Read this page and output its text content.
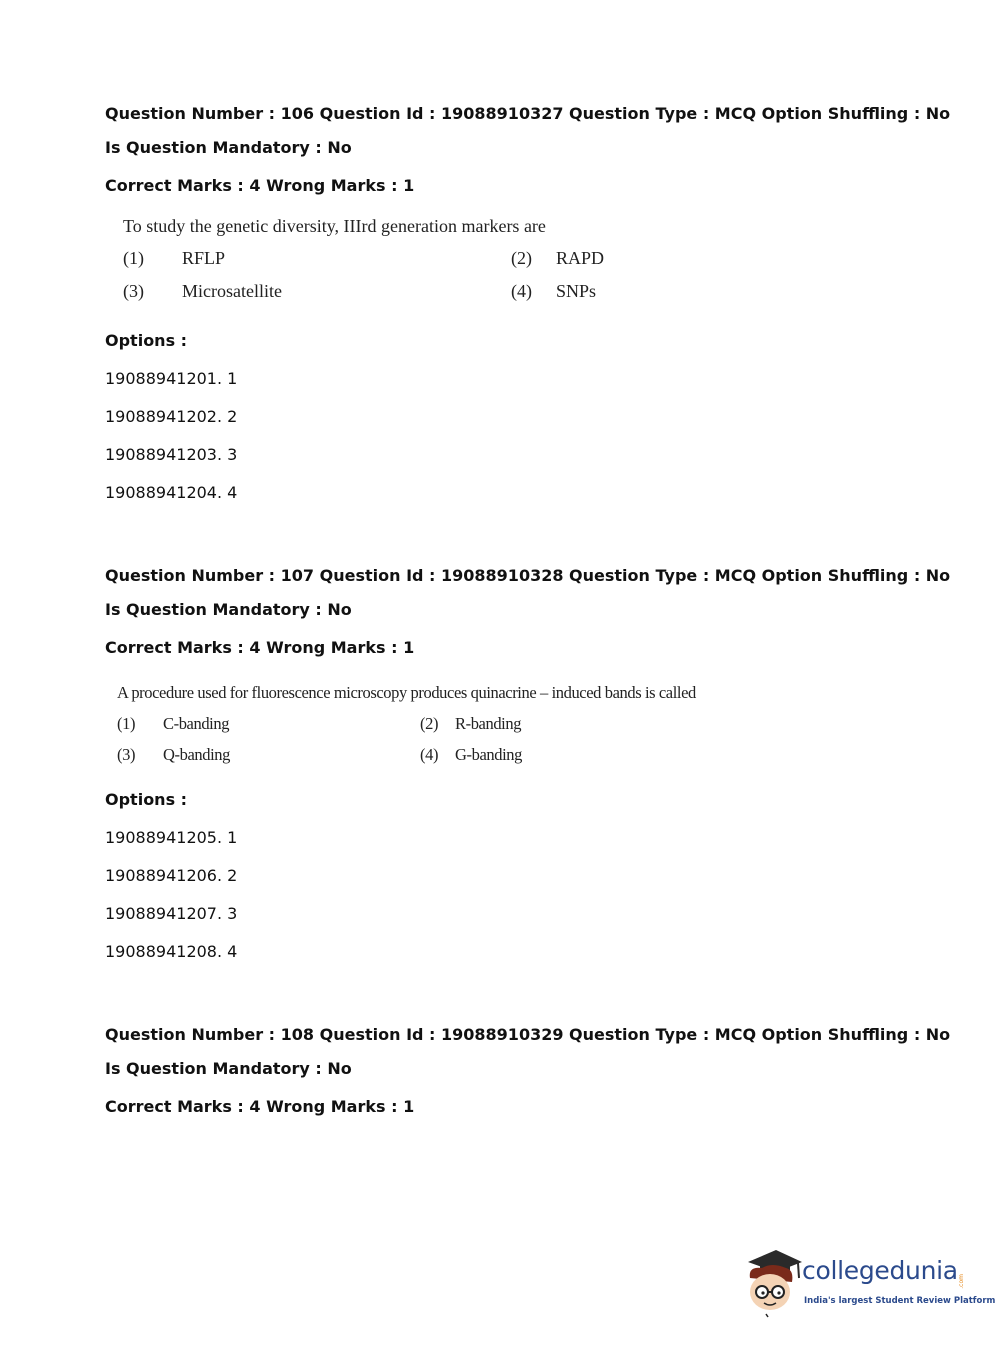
Question Number : 106 Question Id : 19088910327 Question Type : MCQ Option Shuffling : No
Is Question Mandatory : No
Correct Marks : 4 Wrong Marks : 1
To study the genetic diversity, IIIrd generation markers are
(1) RFLP	(2) RAPD
(3) Microsatellite	(4) SNPs
Options :
19088941201. 1
19088941202. 2
19088941203. 3
19088941204. 4
Question Number : 107 Question Id : 19088910328 Question Type : MCQ Option Shuffling : No
Is Question Mandatory : No
Correct Marks : 4 Wrong Marks : 1
A procedure used for fluorescence microscopy produces quinacrine – induced bands is called
(1) C-banding	(2) R-banding
(3) Q-banding	(4) G-banding
Options :
19088941205. 1
19088941206. 2
19088941207. 3
19088941208. 4
Question Number : 108 Question Id : 19088910329 Question Type : MCQ Option Shuffling : No
Is Question Mandatory : No
Correct Marks : 4 Wrong Marks : 1
collegedunia .com
India's largest Student Review Platform
